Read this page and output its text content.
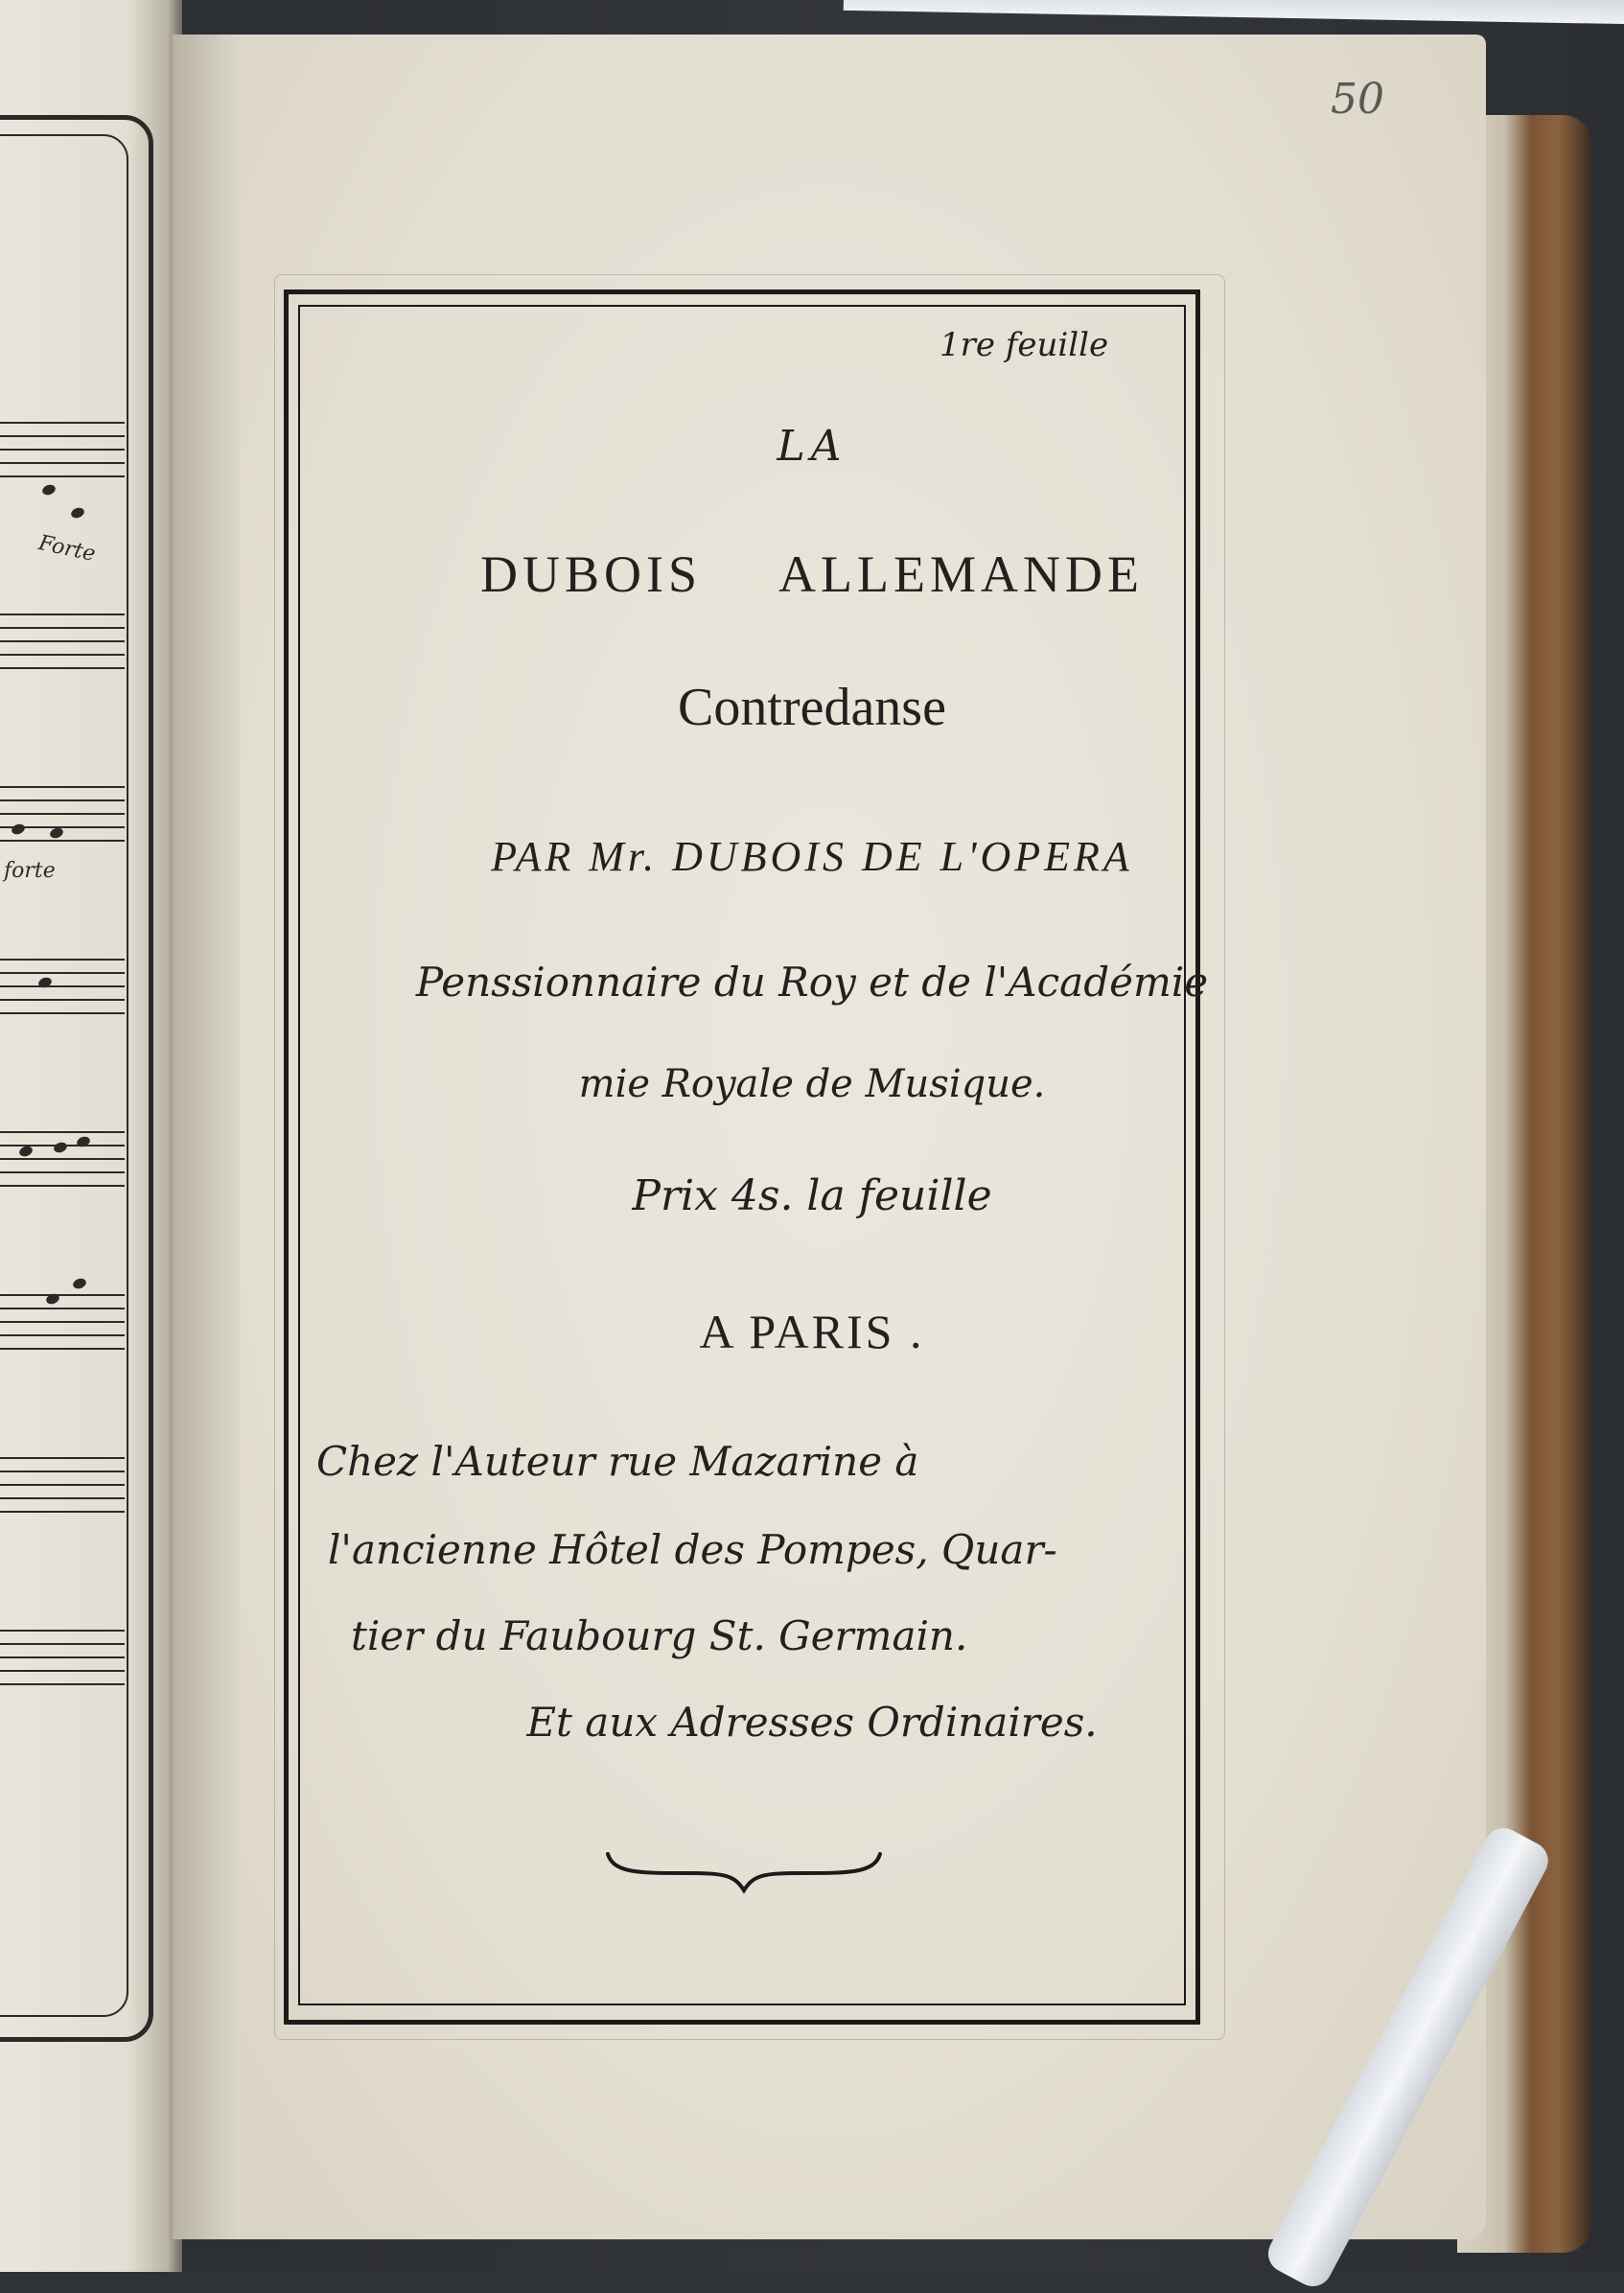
Forte
forte
50
1re feuille
LA
DUBOIS ALLEMANDE
Contredanse
PAR Mr. DUBOIS DE L'OPERA
Penssionnaire du Roy et de l'Académie
mie Royale de Musique.
Prix 4s. la feuille
A PARIS .
Chez l'Auteur rue Mazarine à
l'ancienne Hôtel des Pompes, Quar-
tier du Faubourg St. Germain.
Et aux Adresses Ordinaires.
